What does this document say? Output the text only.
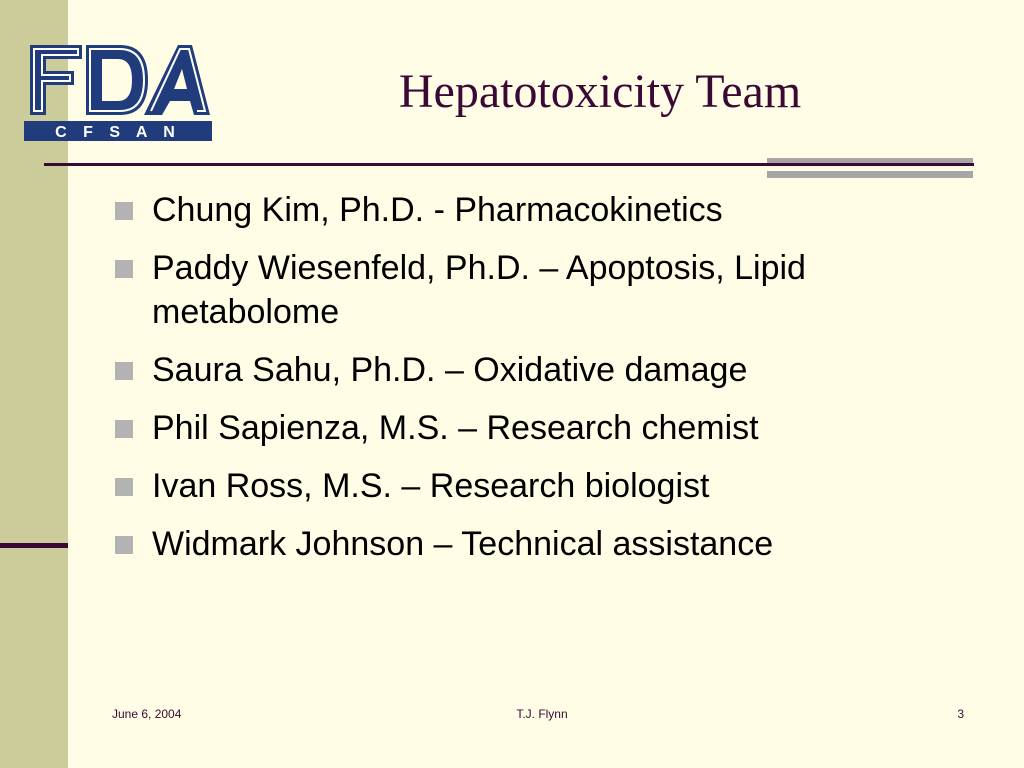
C F S A N
Hepatotoxicity Team
Chung Kim, Ph.D. - Pharmacokinetics
Paddy Wiesenfeld, Ph.D. – Apoptosis, Lipid metabolome
Saura Sahu, Ph.D. – Oxidative damage
Phil Sapienza, M.S. – Research chemist
Ivan Ross, M.S. – Research biologist
Widmark Johnson – Technical assistance
June 6, 2004	T.J. Flynn	3
